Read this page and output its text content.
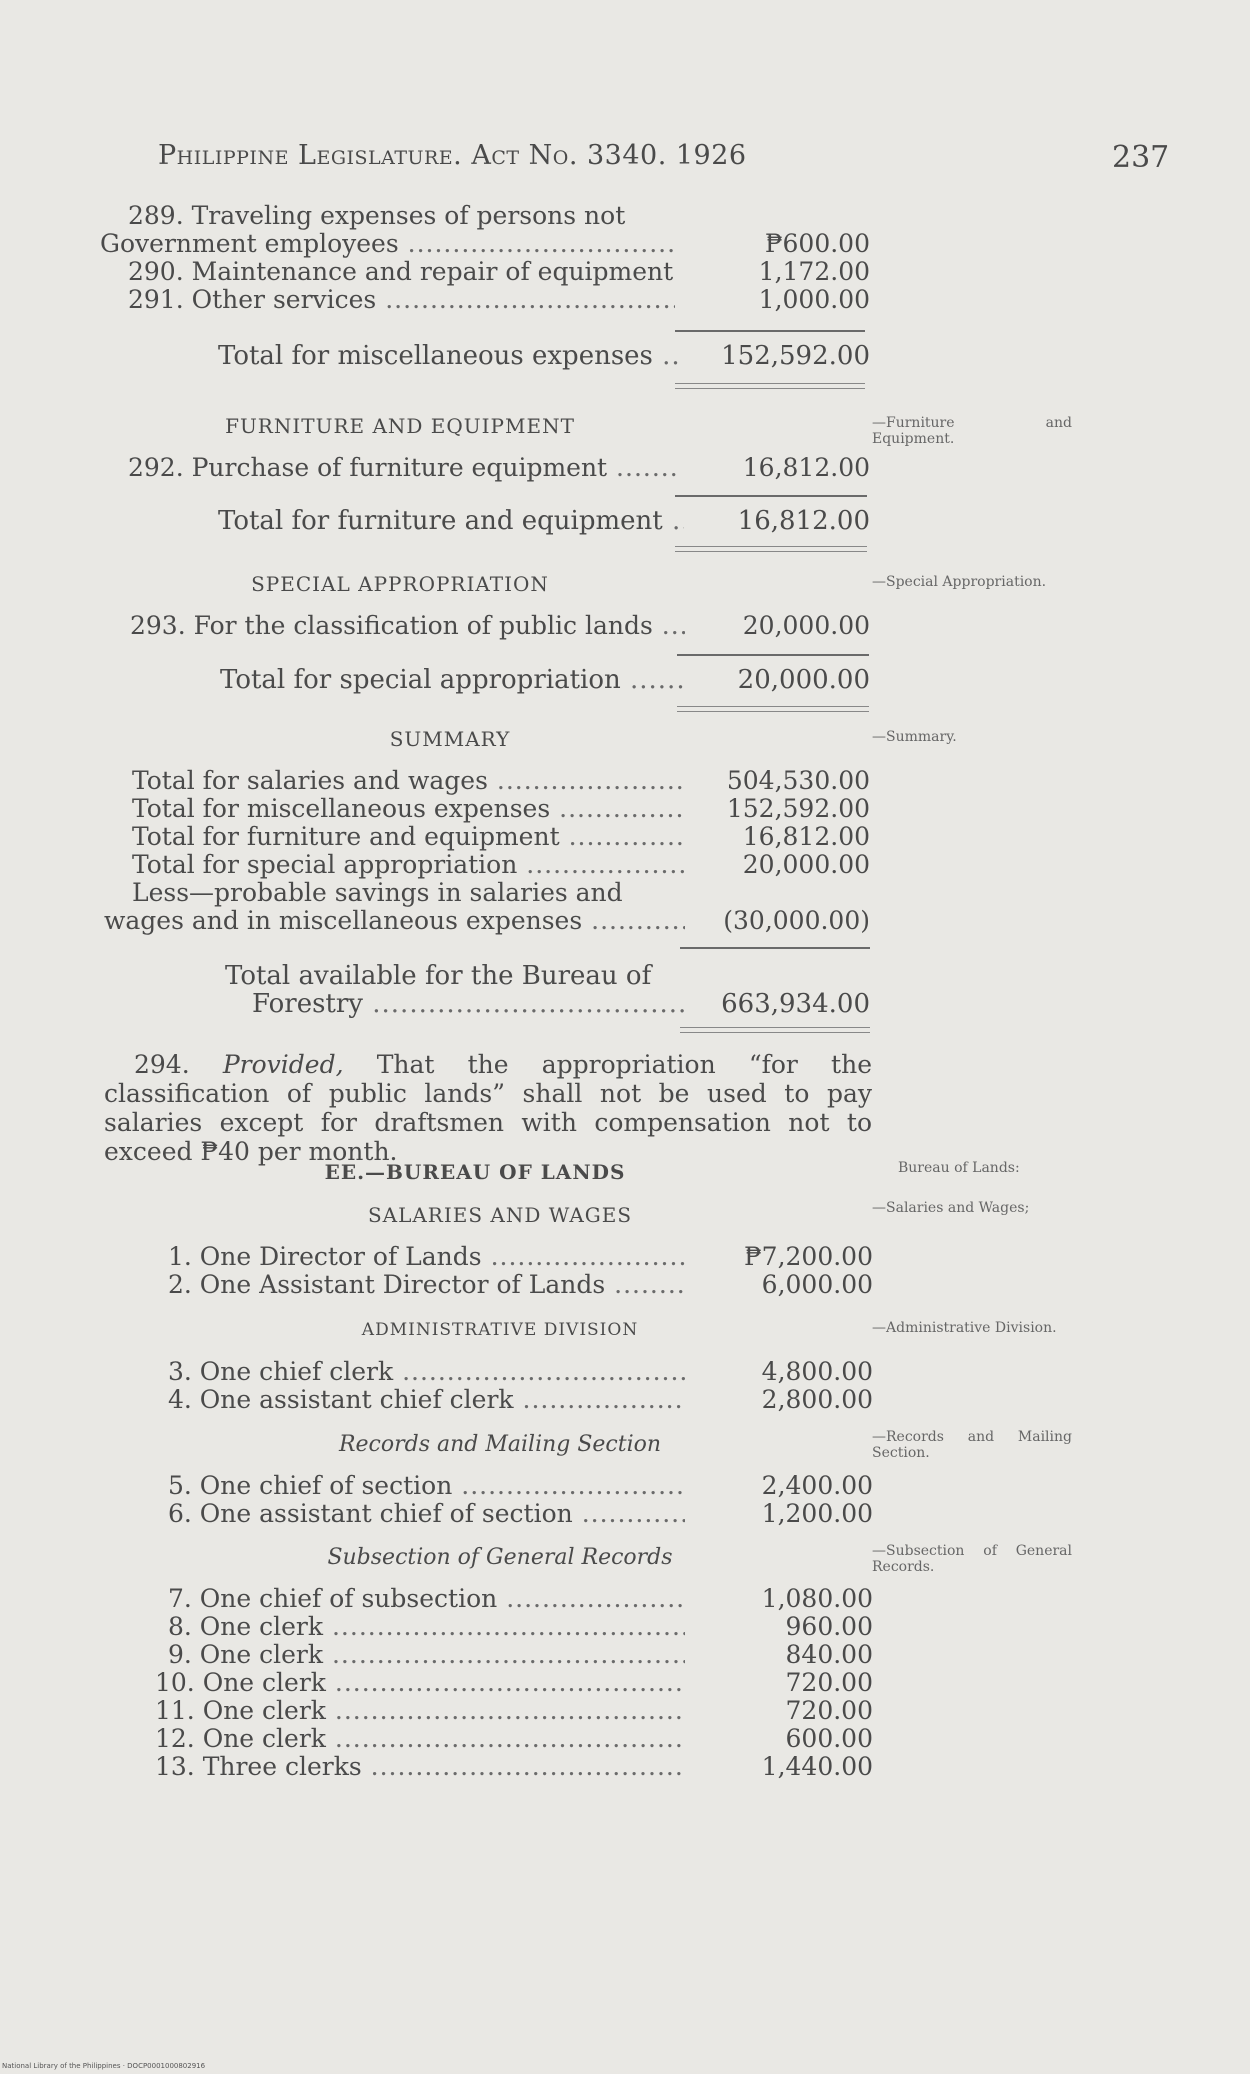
Philippine Legislature. Act No. 3340. 1926	237
289. Traveling expenses of persons not
Government employees .....	₱600.00
290. Maintenance and repair of equipment	1,172.00
291. Other services .....	1,000.00
Total for miscellaneous expenses .....	152,592.00
FURNITURE AND EQUIPMENT	—Furniture and Equipment.
292. Purchase of furniture equipment .....	16,812.00
Total for furniture and equipment .....	16,812.00
SPECIAL APPROPRIATION	—Special Appropriation.
293. For the classification of public lands .....	20,000.00
Total for special appropriation .....	20,000.00
SUMMARY	—Summary.
Total for salaries and wages .....	504,530.00
Total for miscellaneous expenses .....	152,592.00
Total for furniture and equipment .....	16,812.00
Total for special appropriation .....	20,000.00
Less—probable savings in salaries and
wages and in miscellaneous expenses .....	(30,000.00)
Total available for the Bureau of
Forestry .....	663,934.00
294. Provided, That the appropriation “for the classification of public lands” shall not be used to pay salaries except for draftsmen with compensation not to exceed ₱40 per month.
EE.—BUREAU OF LANDS	Bureau of Lands:
SALARIES AND WAGES	—Salaries and Wages;
1. One Director of Lands .....	₱7,200.00
2. One Assistant Director of Lands .....	6,000.00
ADMINISTRATIVE DIVISION	—Administrative Division.
3. One chief clerk .....	4,800.00
4. One assistant chief clerk .....	2,800.00
Records and Mailing Section	—Records and Mailing Section.
5. One chief of section .....	2,400.00
6. One assistant chief of section .....	1,200.00
Subsection of General Records	—Subsection of General Records.
7. One chief of subsection .....	1,080.00
8. One clerk .....	960.00
9. One clerk .....	840.00
10. One clerk .....	720.00
11. One clerk .....	720.00
12. One clerk .....	600.00
13. Three clerks .....	1,440.00
National Library of the Philippines · DOCP0001000802916
